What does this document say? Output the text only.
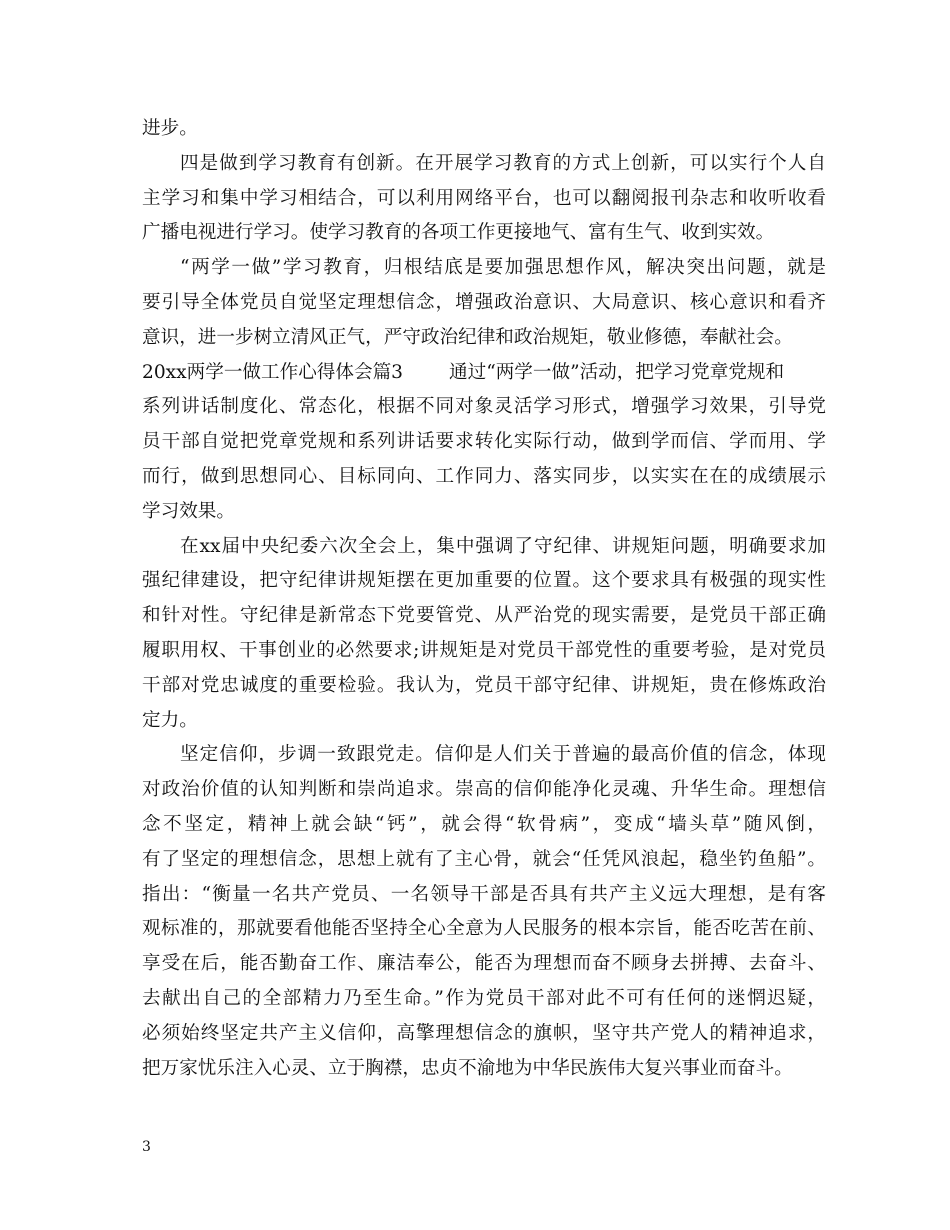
进步。
四是做到学习教育有创新。在开展学习教育的方式上创新，可以实行个人自
主学习和集中学习相结合，可以利用网络平台，也可以翻阅报刊杂志和收听收看
广播电视进行学习。使学习教育的各项工作更接地气、富有生气、收到实效。
“两学一做”学习教育，归根结底是要加强思想作风，解决突出问题，就是
要引导全体党员自觉坚定理想信念，增强政治意识、大局意识、核心意识和看齐
意识，进一步树立清风正气，严守政治纪律和政治规矩，敬业修德，奉献社会。
20xx两学一做工作心得体会篇3 通过“两学一做”活动，把学习党章党规和
系列讲话制度化、常态化，根据不同对象灵活学习形式，增强学习效果，引导党
员干部自觉把党章党规和系列讲话要求转化实际行动，做到学而信、学而用、学
而行，做到思想同心、目标同向、工作同力、落实同步，以实实在在的成绩展示
学习效果。
在xx届中央纪委六次全会上，集中强调了守纪律、讲规矩问题，明确要求加
强纪律建设，把守纪律讲规矩摆在更加重要的位置。这个要求具有极强的现实性
和针对性。守纪律是新常态下党要管党、从严治党的现实需要，是党员干部正确
履职用权、干事创业的必然要求;讲规矩是对党员干部党性的重要考验，是对党员
干部对党忠诚度的重要检验。我认为，党员干部守纪律、讲规矩，贵在修炼政治
定力。
坚定信仰，步调一致跟党走。信仰是人们关于普遍的最高价值的信念，体现
对政治价值的认知判断和崇尚追求。崇高的信仰能净化灵魂、升华生命。理想信
念不坚定，精神上就会缺“钙”，就会得“软骨病”，变成“墙头草”随风倒，
有了坚定的理想信念，思想上就有了主心骨，就会“任凭风浪起，稳坐钓鱼船”。
指出：“衡量一名共产党员、一名领导干部是否具有共产主义远大理想，是有客
观标准的，那就要看他能否坚持全心全意为人民服务的根本宗旨，能否吃苦在前、
享受在后，能否勤奋工作、廉洁奉公，能否为理想而奋不顾身去拼搏、去奋斗、
去献出自己的全部精力乃至生命。”作为党员干部对此不可有任何的迷惘迟疑，
必须始终坚定共产主义信仰，高擎理想信念的旗帜，坚守共产党人的精神追求，
把万家忧乐注入心灵、立于胸襟，忠贞不渝地为中华民族伟大复兴事业而奋斗。
3
